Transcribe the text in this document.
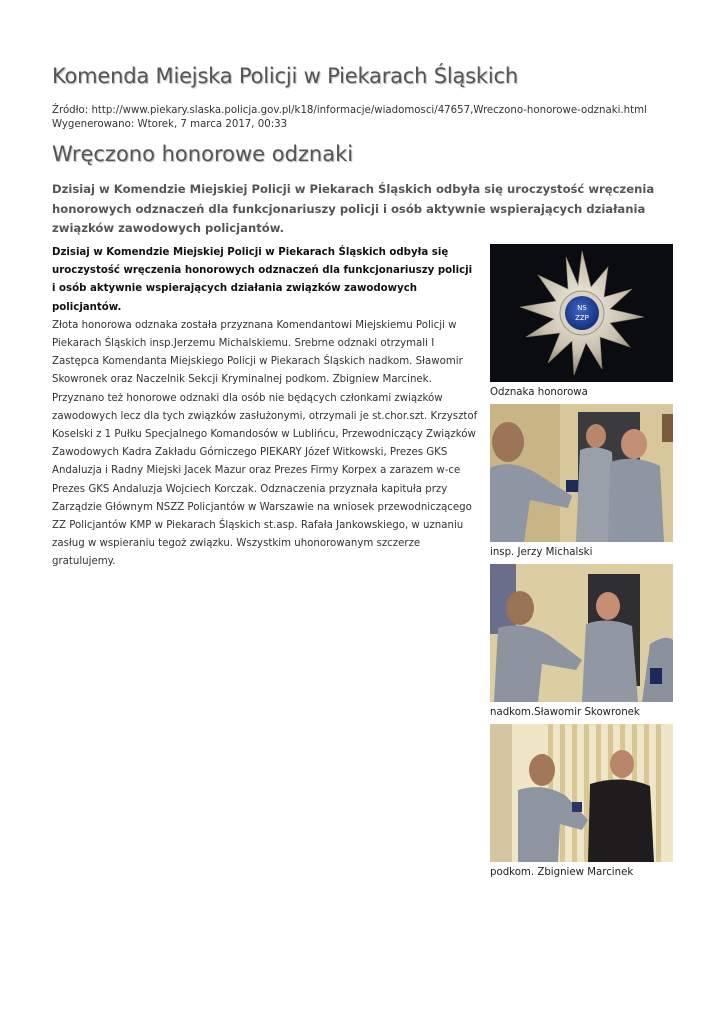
Komenda Miejska Policji w Piekarach Śląskich
Źródło: http://www.piekary.slaska.policja.gov.pl/k18/informacje/wiadomosci/47657,Wreczono-honorowe-odznaki.html
Wygenerowano: Wtorek, 7 marca 2017, 00:33
Wręczono honorowe odznaki

Dzisiaj w Komendzie Miejskiej Policji w Piekarach Śląskich odbyła się uroczystość wręczenia honorowych odznaczeń dla funkcjonariuszy policji i osób aktywnie wspierających działania związków zawodowych policjantów.

Dzisiaj w Komendzie Miejskiej Policji w Piekarach Śląskich odbyła się uroczystość wręczenia honorowych odznaczeń dla funkcjonariuszy policji i osób aktywnie wspierających działania związków zawodowych policjantów.

Złota honorowa odznaka została przyznana Komendantowi Miejskiemu Policji w Piekarach Śląskich insp.Jerzemu Michalskiemu. Srebrne odznaki otrzymali I Zastępca Komendanta Miejskiego Policji w Piekarach Śląskich nadkom. Sławomir Skowronek oraz Naczelnik Sekcji Kryminalnej podkom. Zbigniew Marcinek. Przyznano też honorowe odznaki dla osób nie będących członkami związków zawodowych lecz dla tych związków zasłużonymi, otrzymali je st.chor.szt. Krzysztof Koselski z 1 Pułku Specjalnego Komandosów w Lublińcu, Przewodniczący Związków Zawodowych Kadra Zakładu Górniczego PIEKARY Józef Witkowski, Prezes GKS Andaluzja i Radny Miejski Jacek Mazur oraz Prezes Firmy Korpex a zarazem w-ce Prezes GKS Andaluzja Wojciech Korczak. Odznaczenia przyznała kapituła przy Zarządzie Głównym NSZZ Policjantów w Warszawie na wniosek przewodniczącego ZZ Policjantów KMP w Piekarach Śląskich st.asp. Rafała Jankowskiego, w uznaniu zasług w wspieraniu tegoż związku. Wszystkim uhonorowanym szczerze gratulujemy.

NS
ZZP
Odznaka honorowa
insp. Jerzy Michalski
nadkom.Sławomir Skowronek
podkom. Zbigniew Marcinek
